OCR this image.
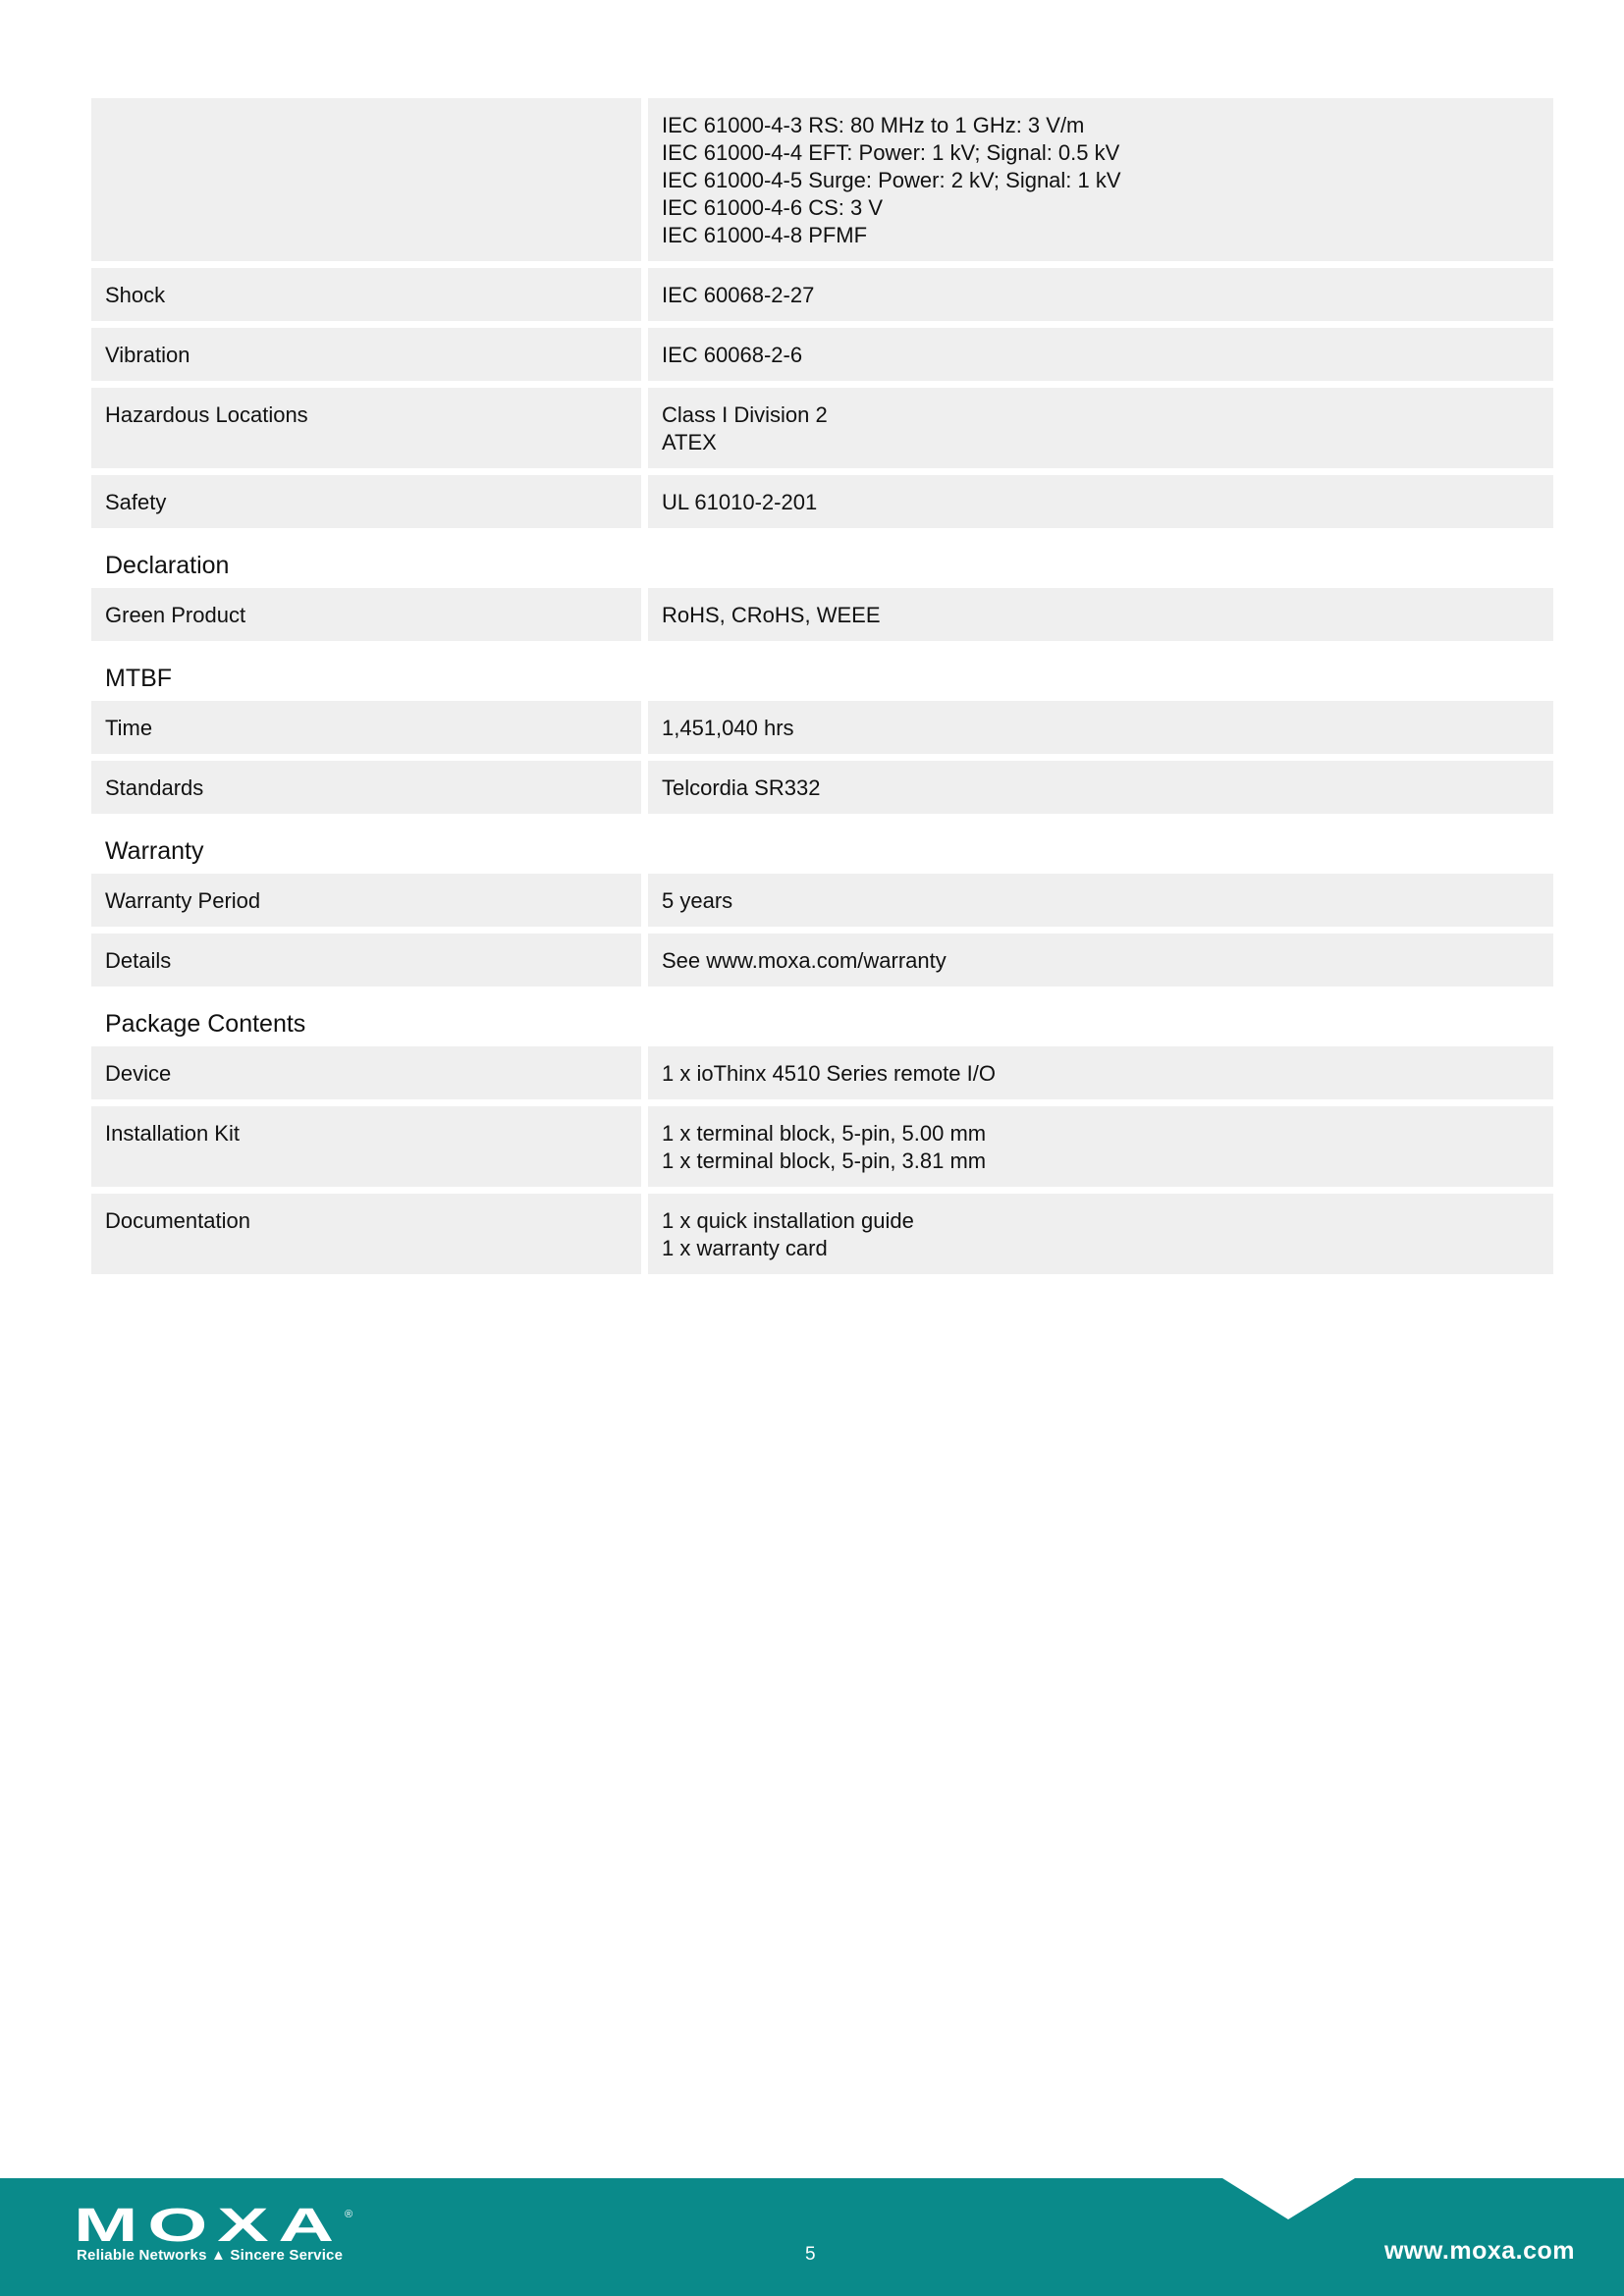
IEC 61000-4-3 RS: 80 MHz to 1 GHz: 3 V/m
IEC 61000-4-4 EFT: Power: 1 kV; Signal: 0.5 kV
IEC 61000-4-5 Surge: Power: 2 kV; Signal: 1 kV
IEC 61000-4-6 CS: 3 V
IEC 61000-4-8 PFMF
Shock	IEC 60068-2-27
Vibration	IEC 60068-2-6
Hazardous Locations	Class I Division 2
ATEX
Safety	UL 61010-2-201
Declaration
Green Product	RoHS, CRoHS, WEEE
MTBF
Time	1,451,040 hrs
Standards	Telcordia SR332
Warranty
Warranty Period	5 years
Details	See www.moxa.com/warranty
Package Contents
Device	1 x ioThinx 4510 Series remote I/O
Installation Kit	1 x terminal block, 5-pin, 5.00 mm
1 x terminal block, 5-pin, 3.81 mm
Documentation	1 x quick installation guide
1 x warranty card
MOXA ®
Reliable Networks ▲ Sincere Service	5	www.moxa.com
